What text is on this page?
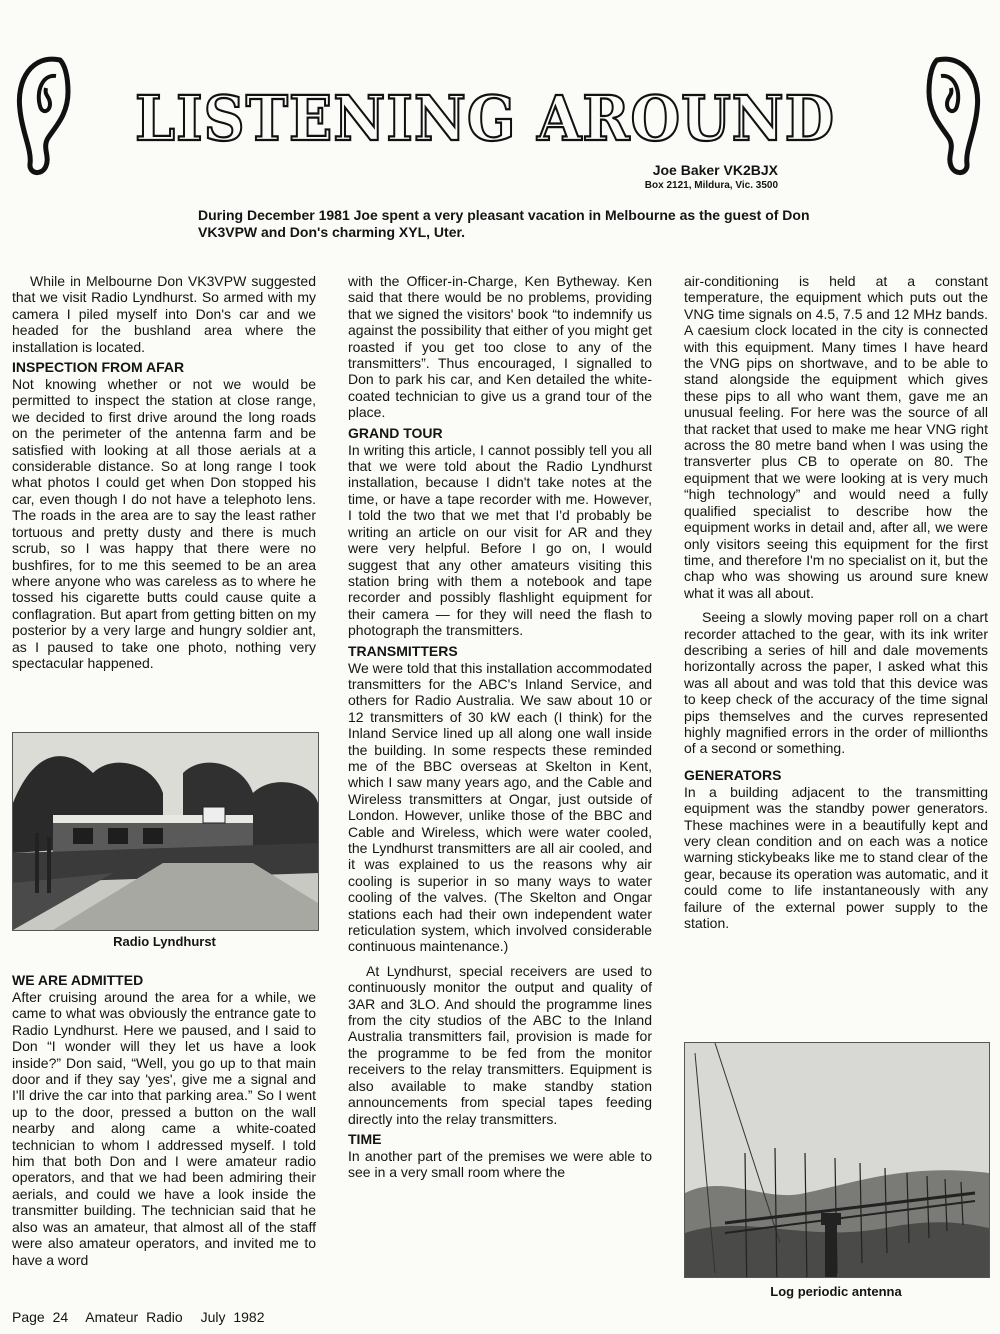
LISTENING AROUND
Joe Baker VK2BJX
Box 2121, Mildura, Vic. 3500
During December 1981 Joe spent a very pleasant vacation in Melbourne as the guest of Don VK3VPW and Don's charming XYL, Uter.

While in Melbourne Don VK3VPW suggested that we visit Radio Lyndhurst. So armed with my camera I piled myself into Don's car and we headed for the bushland area where the installation is located.

INSPECTION FROM AFAR

Not knowing whether or not we would be permitted to inspect the station at close range, we decided to first drive around the long roads on the perimeter of the antenna farm and be satisfied with looking at all those aerials at a considerable distance. So at long range I took what photos I could get when Don stopped his car, even though I do not have a telephoto lens. The roads in the area are to say the least rather tortuous and pretty dusty and there is much scrub, so I was happy that there were no bushfires, for to me this seemed to be an area where anyone who was careless as to where he tossed his cigarette butts could cause quite a conflagration. But apart from getting bitten on my posterior by a very large and hungry soldier ant, as I paused to take one photo, nothing very spectacular happened.

Radio Lyndhurst
WE ARE ADMITTED

After cruising around the area for a while, we came to what was obviously the entrance gate to Radio Lyndhurst. Here we paused, and I said to Don “I wonder will they let us have a look inside?” Don said, “Well, you go up to that main door and if they say 'yes', give me a signal and I'll drive the car into that parking area.” So I went up to the door, pressed a button on the wall nearby and along came a white-coated technician to whom I addressed myself. I told him that both Don and I were amateur radio operators, and that we had been admiring their aerials, and could we have a look inside the transmitter building. The technician said that he also was an amateur, that almost all of the staff were also amateur operators, and invited me to have a word

with the Officer-in-Charge, Ken Bytheway. Ken said that there would be no problems, providing that we signed the visitors' book “to indemnify us against the possibility that either of you might get roasted if you get too close to any of the transmitters”. Thus encouraged, I signalled to Don to park his car, and Ken detailed the white-coated technician to give us a grand tour of the place.

GRAND TOUR

In writing this article, I cannot possibly tell you all that we were told about the Radio Lyndhurst installation, because I didn't take notes at the time, or have a tape recorder with me. However, I told the two that we met that I'd probably be writing an article on our visit for AR and they were very helpful. Before I go on, I would suggest that any other amateurs visiting this station bring with them a notebook and tape recorder and possibly flashlight equipment for their camera — for they will need the flash to photograph the transmitters.

TRANSMITTERS

We were told that this installation accommodated transmitters for the ABC's Inland Service, and others for Radio Australia. We saw about 10 or 12 transmitters of 30 kW each (I think) for the Inland Service lined up all along one wall inside the building. In some respects these reminded me of the BBC overseas at Skelton in Kent, which I saw many years ago, and the Cable and Wireless transmitters at Ongar, just outside of London. However, unlike those of the BBC and Cable and Wireless, which were water cooled, the Lyndhurst transmitters are all air cooled, and it was explained to us the reasons why air cooling is superior in so many ways to water cooling of the valves. (The Skelton and Ongar stations each had their own independent water reticulation system, which involved considerable continuous maintenance.)

At Lyndhurst, special receivers are used to continuously monitor the output and quality of 3AR and 3LO. And should the programme lines from the city studios of the ABC to the Inland Australia transmitters fail, provision is made for the programme to be fed from the monitor receivers to the relay transmitters. Equipment is also available to make standby station announcements from special tapes feeding directly into the relay transmitters.

TIME

In another part of the premises we were able to see in a very small room where the

air-conditioning is held at a constant temperature, the equipment which puts out the VNG time signals on 4.5, 7.5 and 12 MHz bands. A caesium clock located in the city is connected with this equipment. Many times I have heard the VNG pips on shortwave, and to be able to stand alongside the equipment which gives these pips to all who want them, gave me an unusual feeling. For here was the source of all that racket that used to make me hear VNG right across the 80 metre band when I was using the transverter plus CB to operate on 80. The equipment that we were looking at is very much “high technology” and would need a fully qualified specialist to describe how the equipment works in detail and, after all, we were only visitors seeing this equipment for the first time, and therefore I'm no specialist on it, but the chap who was showing us around sure knew what it was all about.

Seeing a slowly moving paper roll on a chart recorder attached to the gear, with its ink writer describing a series of hill and dale movements horizontally across the paper, I asked what this was all about and was told that this device was to keep check of the accuracy of the time signal pips themselves and the curves represented highly magnified errors in the order of millionths of a second or something.

GENERATORS

In a building adjacent to the transmitting equipment was the standby power generators. These machines were in a beautifully kept and very clean condition and on each was a notice warning stickybeaks like me to stand clear of the gear, because its operation was automatic, and it could come to life instantaneously with any failure of the external power supply to the station.

Log periodic antenna
Page 24 Amateur Radio July 1982
